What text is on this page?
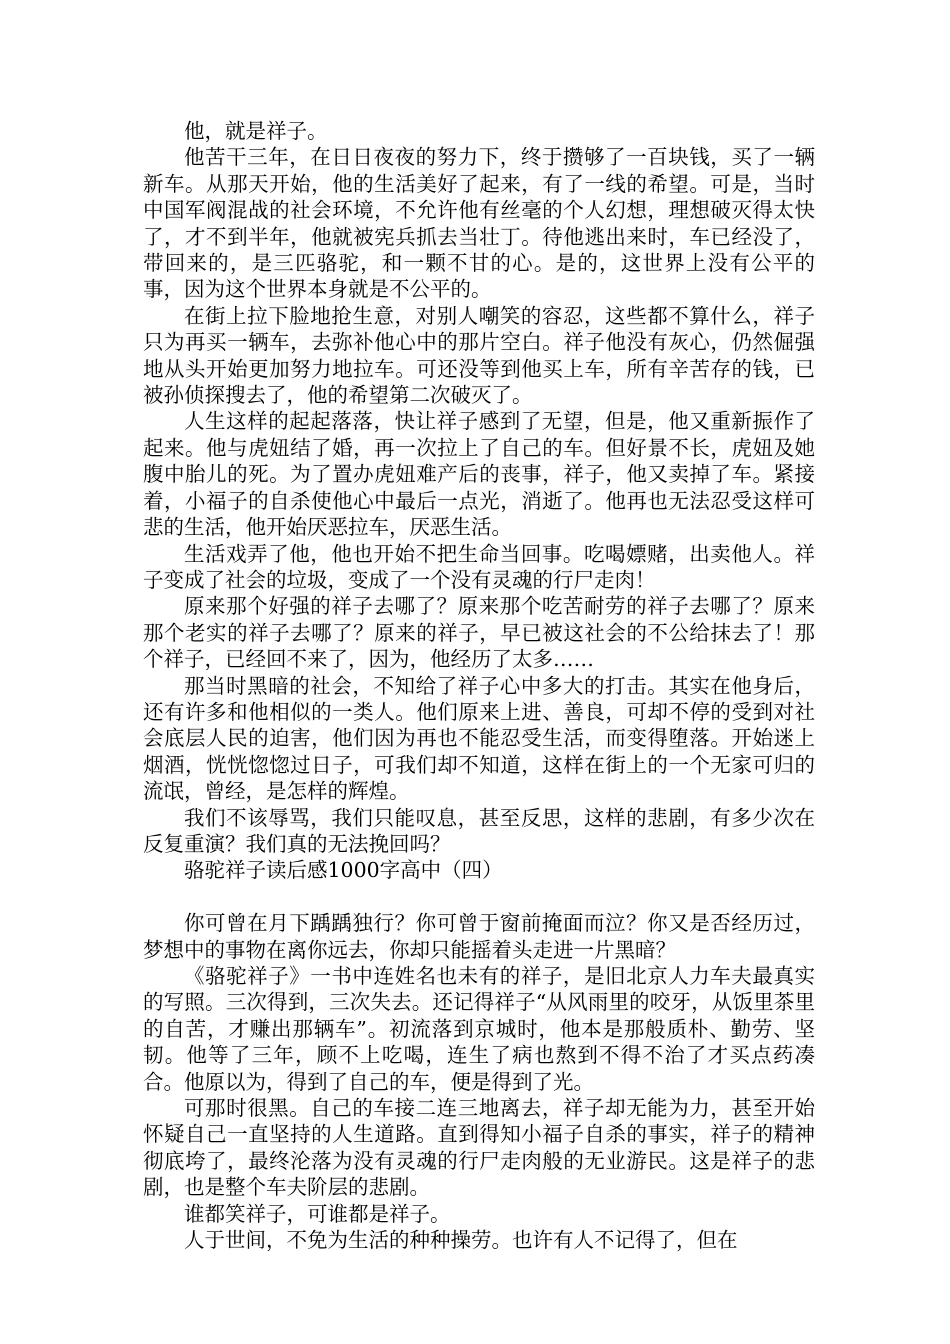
他，就是祥子。

他苦干三年，在日日夜夜的努力下，终于攒够了一百块钱，买了一辆新车。从那天开始，他的生活美好了起来，有了一线的希望。可是，当时中国军阀混战的社会环境，不允许他有丝毫的个人幻想，理想破灭得太快了，才不到半年，他就被宪兵抓去当壮丁。待他逃出来时，车已经没了，带回来的，是三匹骆驼，和一颗不甘的心。是的，这世界上没有公平的事，因为这个世界本身就是不公平的。

在街上拉下脸地抢生意，对别人嘲笑的容忍，这些都不算什么，祥子只为再买一辆车，去弥补他心中的那片空白。祥子他没有灰心，仍然倔强地从头开始更加努力地拉车。可还没等到他买上车，所有辛苦存的钱，已被孙侦探搜去了，他的希望第二次破灭了。

人生这样的起起落落，快让祥子感到了无望，但是，他又重新振作了起来。他与虎妞结了婚，再一次拉上了自己的车。但好景不长，虎妞及她腹中胎儿的死。为了置办虎妞难产后的丧事，祥子，他又卖掉了车。紧接着，小福子的自杀使他心中最后一点光，消逝了。他再也无法忍受这样可悲的生活，他开始厌恶拉车，厌恶生活。

生活戏弄了他，他也开始不把生命当回事。吃喝嫖赌，出卖他人。祥子变成了社会的垃圾，变成了一个没有灵魂的行尸走肉！

原来那个好强的祥子去哪了？原来那个吃苦耐劳的祥子去哪了？原来那个老实的祥子去哪了？原来的祥子，早已被这社会的不公给抹去了！那个祥子，已经回不来了，因为，他经历了太多……

那当时黑暗的社会，不知给了祥子心中多大的打击。其实在他身后，还有许多和他相似的一类人。他们原来上进、善良，可却不停的受到对社会底层人民的迫害，他们因为再也不能忍受生活，而变得堕落。开始迷上烟酒，恍恍惚惚过日子，可我们却不知道，这样在街上的一个无家可归的流氓，曾经，是怎样的辉煌。

我们不该辱骂，我们只能叹息，甚至反思，这样的悲剧，有多少次在反复重演？我们真的无法挽回吗？

骆驼祥子读后感1000字高中（四）

你可曾在月下踽踽独行？你可曾于窗前掩面而泣？你又是否经历过，梦想中的事物在离你远去，你却只能摇着头走进一片黑暗？

《骆驼祥子》一书中连姓名也未有的祥子，是旧北京人力车夫最真实的写照。三次得到，三次失去。还记得祥子“从风雨里的咬牙，从饭里茶里的自苦，才赚出那辆车”。初流落到京城时，他本是那般质朴、勤劳、坚韧。他等了三年，顾不上吃喝，连生了病也熬到不得不治了才买点药凑合。他原以为，得到了自己的车，便是得到了光。

可那时很黑。自己的车接二连三地离去，祥子却无能为力，甚至开始怀疑自己一直坚持的人生道路。直到得知小福子自杀的事实，祥子的精神彻底垮了，最终沦落为没有灵魂的行尸走肉般的无业游民。这是祥子的悲剧，也是整个车夫阶层的悲剧。

谁都笑祥子，可谁都是祥子。

人于世间，不免为生活的种种操劳。也许有人不记得了，但在
